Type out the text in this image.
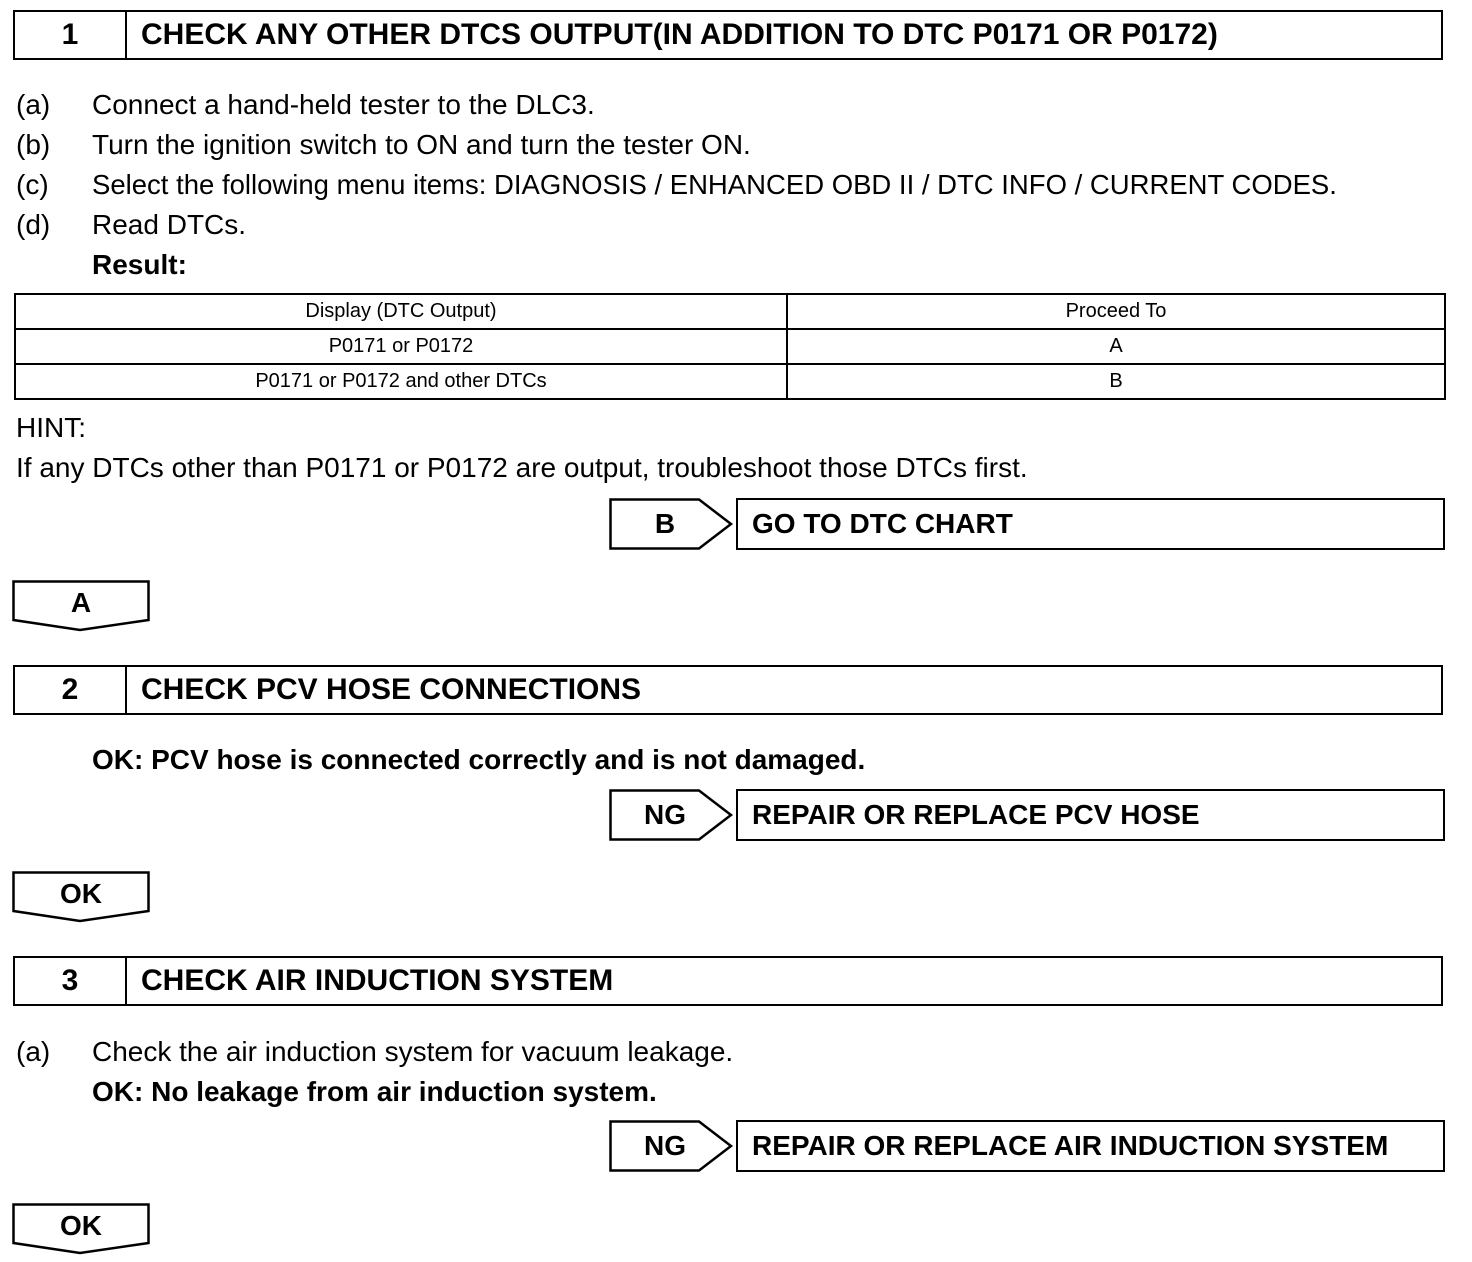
1	CHECK ANY OTHER DTCS OUTPUT(IN ADDITION TO DTC P0171 OR P0172)
(a) Connect a hand-held tester to the DLC3.
(b) Turn the ignition switch to ON and turn the tester ON.
(c) Select the following menu items: DIAGNOSIS / ENHANCED OBD II / DTC INFO / CURRENT CODES.
(d) Read DTCs.
Result:
Display (DTC Output)	Proceed To
P0171 or P0172	A
P0171 or P0172 and other DTCs	B
HINT:
If any DTCs other than P0171 or P0172 are output, troubleshoot those DTCs first.
B	GO TO DTC CHART
A
2	CHECK PCV HOSE CONNECTIONS
OK: PCV hose is connected correctly and is not damaged.
NG	REPAIR OR REPLACE PCV HOSE
OK
3	CHECK AIR INDUCTION SYSTEM
(a) Check the air induction system for vacuum leakage.
OK: No leakage from air induction system.
NG	REPAIR OR REPLACE AIR INDUCTION SYSTEM
OK
